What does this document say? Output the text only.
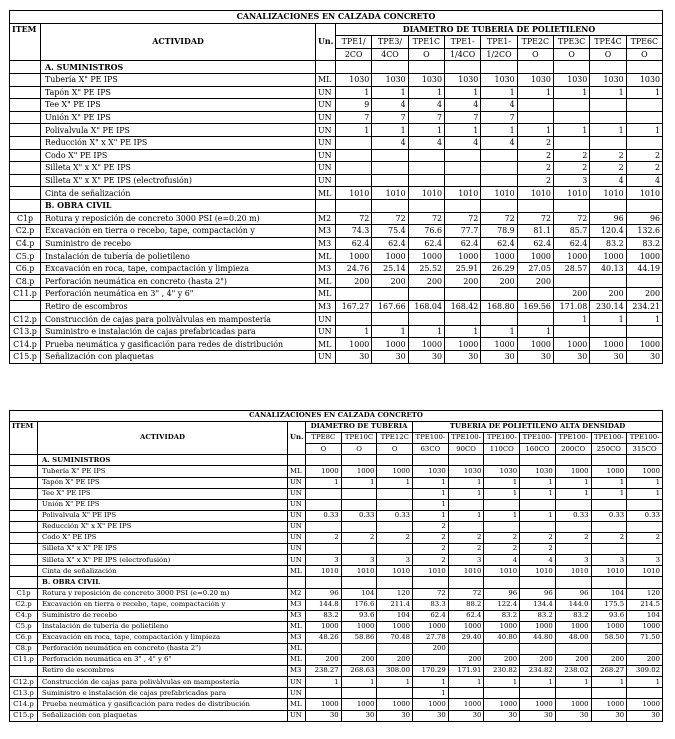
CANALIZACIONES EN CALZADA CONCRETO											
ITEM	ACTIVIDAD	Un.	DIAMETRO DE TUBERIA DE POLIETILENO								
			TPE1/	TPE3/	TPE1C	TPE1-	TPE1-	TPE2C	TPE3C	TPE4C	TPE6C
			2CO	4CO	O	1/4CO	1/2CO	O	O	O	O
	A. SUMINISTROS										
	Tubería X" PE IPS	ML	1030	1030	1030	1030	1030	1030	1030	1030	1030
	Tapón X" PE IPS	UN	1	1	1	1	1	1	1	1	1
	Tee X" PE IPS	UN	9	4	4	4	4				
	Unión X" PE IPS	UN	7	7	7	7	7				
	Polivalvula X" PE IPS	UN	1	1	1	1	1	1	1	1	1
	Reducción X" x X" PE IPS	UN		4	4	4	4	2			
	Codo X" PE IPS	UN						2	2	2	2
	Silleta X" x X" PE IPS	UN						2	2	2	2
	Silleta X" x X" PE IPS (electrofusión)	UN						2	3	4	4
	Cinta de señalización	ML	1010	1010	1010	1010	1010	1010	1010	1010	1010
	B. OBRA CIVIL										
C1p	Rotura y reposición de concreto 3000 PSI (e=0.20 m)	M2	72	72	72	72	72	72	72	96	96
C2.p	Excavación en tierra o recebo, tape, compactación y	M3	74.3	75.4	76.6	77.7	78.9	81.1	85.7	120.4	132.6
C4.p	Suministro de recebo	M3	62.4	62.4	62.4	62.4	62.4	62.4	62.4	83.2	83.2
C5.p	Instalación de tubería de polietileno	ML	1000	1000	1000	1000	1000	1000	1000	1000	1000
C6.p	Excavación en roca, tape, compactación y limpieza	M3	24.76	25.14	25.52	25.91	26.29	27.05	28.57	40.13	44.19
C8.p	Perforación neumática en concreto (hasta 2")	ML	200	200	200	200	200	200			
C11.p	Perforación neumática en 3" , 4" y 6"	ML							200	200	200
	Retiro de escombros	M3	167.27	167.66	168.04	168.42	168.80	169.56	171.08	230.14	234.21
C12.p	Construcción de cajas para polivàlvulas en mampostería	UN							1	1	1
C13.p	Suministro e instalación de cajas prefabricadas para	UN	1	1	1	1	1	1			
C14.p	Prueba neumática y gasificación para redes de distribución	ML	1000	1000	1000	1000	1000	1000	1000	1000	1000
C15.p	Señalización con plaquetas	UN	30	30	30	30	30	30	30	30	30
CANALIZACIONES EN CALZADA CONCRETO												
ITEM	ACTIVIDAD	Un.	DIAMETRO DE TUBERIA			TUBERIA DE POLIETILENO ALTA DENSIDAD						
			TPE8C	TPE10C	TPE12C	TPE100-	TPE100-	TPE100-	TPE100-	TPE100-	TPE100-	TPE100-
			O	O	O	63CO	90CO	110CO	160CO	200CO	250CO	315CO
	A. SUMINISTROS											
	Tubería X" PE IPS	ML	1000	1000	1000	1030	1030	1030	1030	1000	1000	1000
	Tapón X" PE IPS	UN	1	1	1	1	1	1	1	1	1	1
	Tee X" PE IPS	UN				1	1	1	1	1	1	1
	Unión X" PE IPS	UN				1						
	Polivalvula X" PE IPS	UN	0.33	0.33	0.33	1	1	1	1	0.33	0.33	0.33
	Reducción X" x X" PE IPS	UN				2						
	Codo X" PE IPS	UN	2	2	2	2	2	2	2	2	2	2
	Silleta X" x X" PE IPS	UN				2	2	2	2			
	Silleta X" x X" PE IPS (electrofusión)	UN	3	3	3	2	3	4	4	3	3	3
	Cinta de señalización	ML	1010	1010	1010	1010	1010	1010	1010	1010	1010	1010
	B. OBRA CIVIL											
C1p	Rotura y reposición de concreto 3000 PSI (e=0.20 m)	M2	96	104	120	72	72	96	96	96	104	120
C2.p	Excavación en tierra o recebo, tape, compactación y	M3	144.8	176.6	211.4	83.3	88.2	122.4	134.4	144.0	175.5	214.5
C4.p	Suministro de recebo	M3	83.2	93.6	104	62.4	62.4	83.2	83.2	83.2	93.6	104
C5.p	Instalación de tubería de polietileno	ML	1000	1000	1000	1000	1000	1000	1000	1000	1000	1000
C6.p	Excavación en roca, tape, compactación y limpieza	M3	48.26	58.86	70.48	27.78	29.40	40.80	44.80	48.00	58.50	71.50
C8.p	Perforación neumática en concreto (hasta 2")	ML				200						
C11.p	Perforación neumática en 3" , 4" y 6"	ML	200	200	200		200	200	200	200	200	200
	Retiro de escombros	M3	238.27	268.63	308.00	170.29	171.91	230.82	234.82	238.02	268.27	309.02
C12.p	Construcción de cajas para polivàlvulas en mampostería	UN	1	1	1	1	1	1	1	1	1	1
C13.p	Suministro e instalación de cajas prefabricadas para	UN				1						
C14.p	Prueba neumática y gasificación para redes de distribución	ML	1000	1000	1000	1000	1000	1000	1000	1000	1000	1000
C15.p	Señalización con plaquetas	UN	30	30	30	30	30	30	30	30	30	30
